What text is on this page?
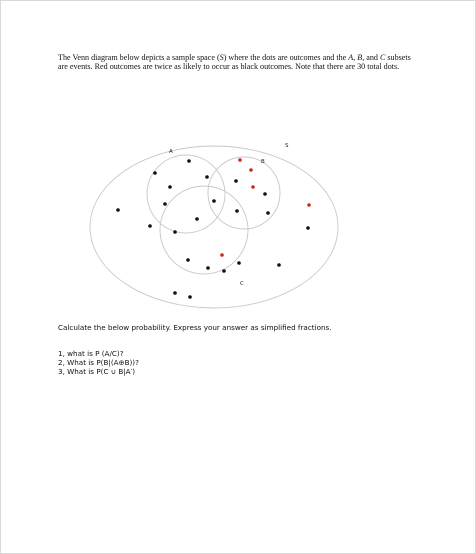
The Venn diagram below depicts a sample space (S) where the dots are outcomes and the A, B, and C subsets are events. Red outcomes are twice as likely to occur as black outcomes. Note that there are 30 total dots.

S
A
B
C

Calculate the below probability. Express your answer as simplified fractions.

1, what is P (A/C)?
2, What is P(B|(A⊕B))?
3, What is P(C ∪ B|A′)
